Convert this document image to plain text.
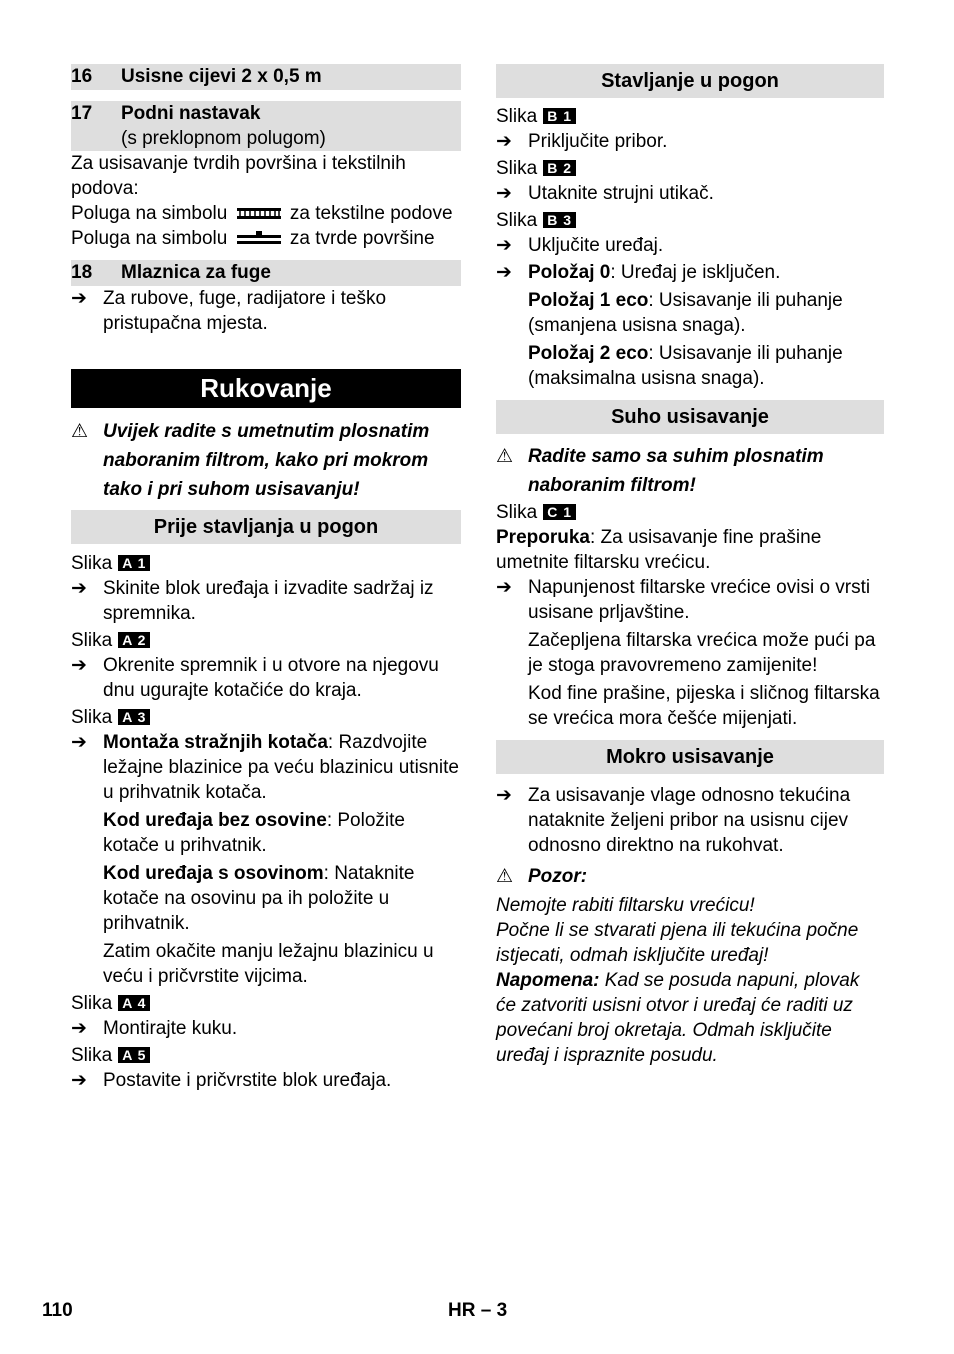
16	Usisne cijevi 2 x 0,5 m
17	Podni nastavak
(s preklopnom polugom)

Za usisavanje tvrdih površina i tekstilnih podova:

Poluga na simbolu	za tekstilne podove
Poluga na simbolu	za tvrde površine
18	Mlaznica za fuge
➔ Za rubove, fuge, radijatore i teško pristupačna mjesta.
Rukovanje
⚠ Uvijek radite s umetnutim plosnatim naboranim filtrom, kako pri mokrom tako i pri suhom usisavanju!
Prije stavljanja u pogon
Slika A 1
➔ Skinite blok uređaja i izvadite sadržaj iz spremnika.
Slika A 2
➔ Okrenite spremnik i u otvore na njegovu dnu ugurajte kotačiće do kraja.
Slika A 3
➔ Montaža stražnjih kotača: Razdvojite ležajne blazinice pa veću blazinicu utisnite u prihvatnik kotača.
Kod uređaja bez osovine: Položite kotače u prihvatnik.
Kod uređaja s osovinom: Nataknite kotače na osovinu pa ih položite u prihvatnik.
Zatim okačite manju ležajnu blazinicu u veću i pričvrstite vijcima.
Slika A 4
➔ Montirajte kuku.
Slika A 5
➔ Postavite i pričvrstite blok uređaja.
Stavljanje u pogon
Slika B 1
➔ Priključite pribor.
Slika B 2
➔ Utaknite strujni utikač.
Slika B 3
➔ Uključite uređaj.
➔ Položaj 0: Uređaj je isključen.
Položaj 1 eco: Usisavanje ili puhanje (smanjena usisna snaga).
Položaj 2 eco: Usisavanje ili puhanje (maksimalna usisna snaga).
Suho usisavanje
⚠ Radite samo sa suhim plosnatim naboranim filtrom!
Slika C 1
Preporuka: Za usisavanje fine prašine umetnite filtarsku vrećicu.
➔ Napunjenost filtarske vrećice ovisi o vrsti usisane prljavštine.
Začepljena filtarska vrećica može pući pa je stoga pravovremeno zamijenite!
Kod fine prašine, pijeska i sličnog filtarska se vrećica mora češće mijenjati.
Mokro usisavanje
➔ Za usisavanje vlage odnosno tekućina nataknite željeni pribor na usisnu cijev odnosno direktno na rukohvat.
⚠ Pozor:
Nemojte rabiti filtarsku vrećicu!
Počne li se stvarati pjena ili tekućina počne istjecati, odmah isključite uređaj!
Napomena: Kad se posuda napuni, plovak će zatvoriti usisni otvor i uređaj će raditi uz povećani broj okretaja. Odmah isključite uređaj i ispraznite posudu.
110	HR – 3
